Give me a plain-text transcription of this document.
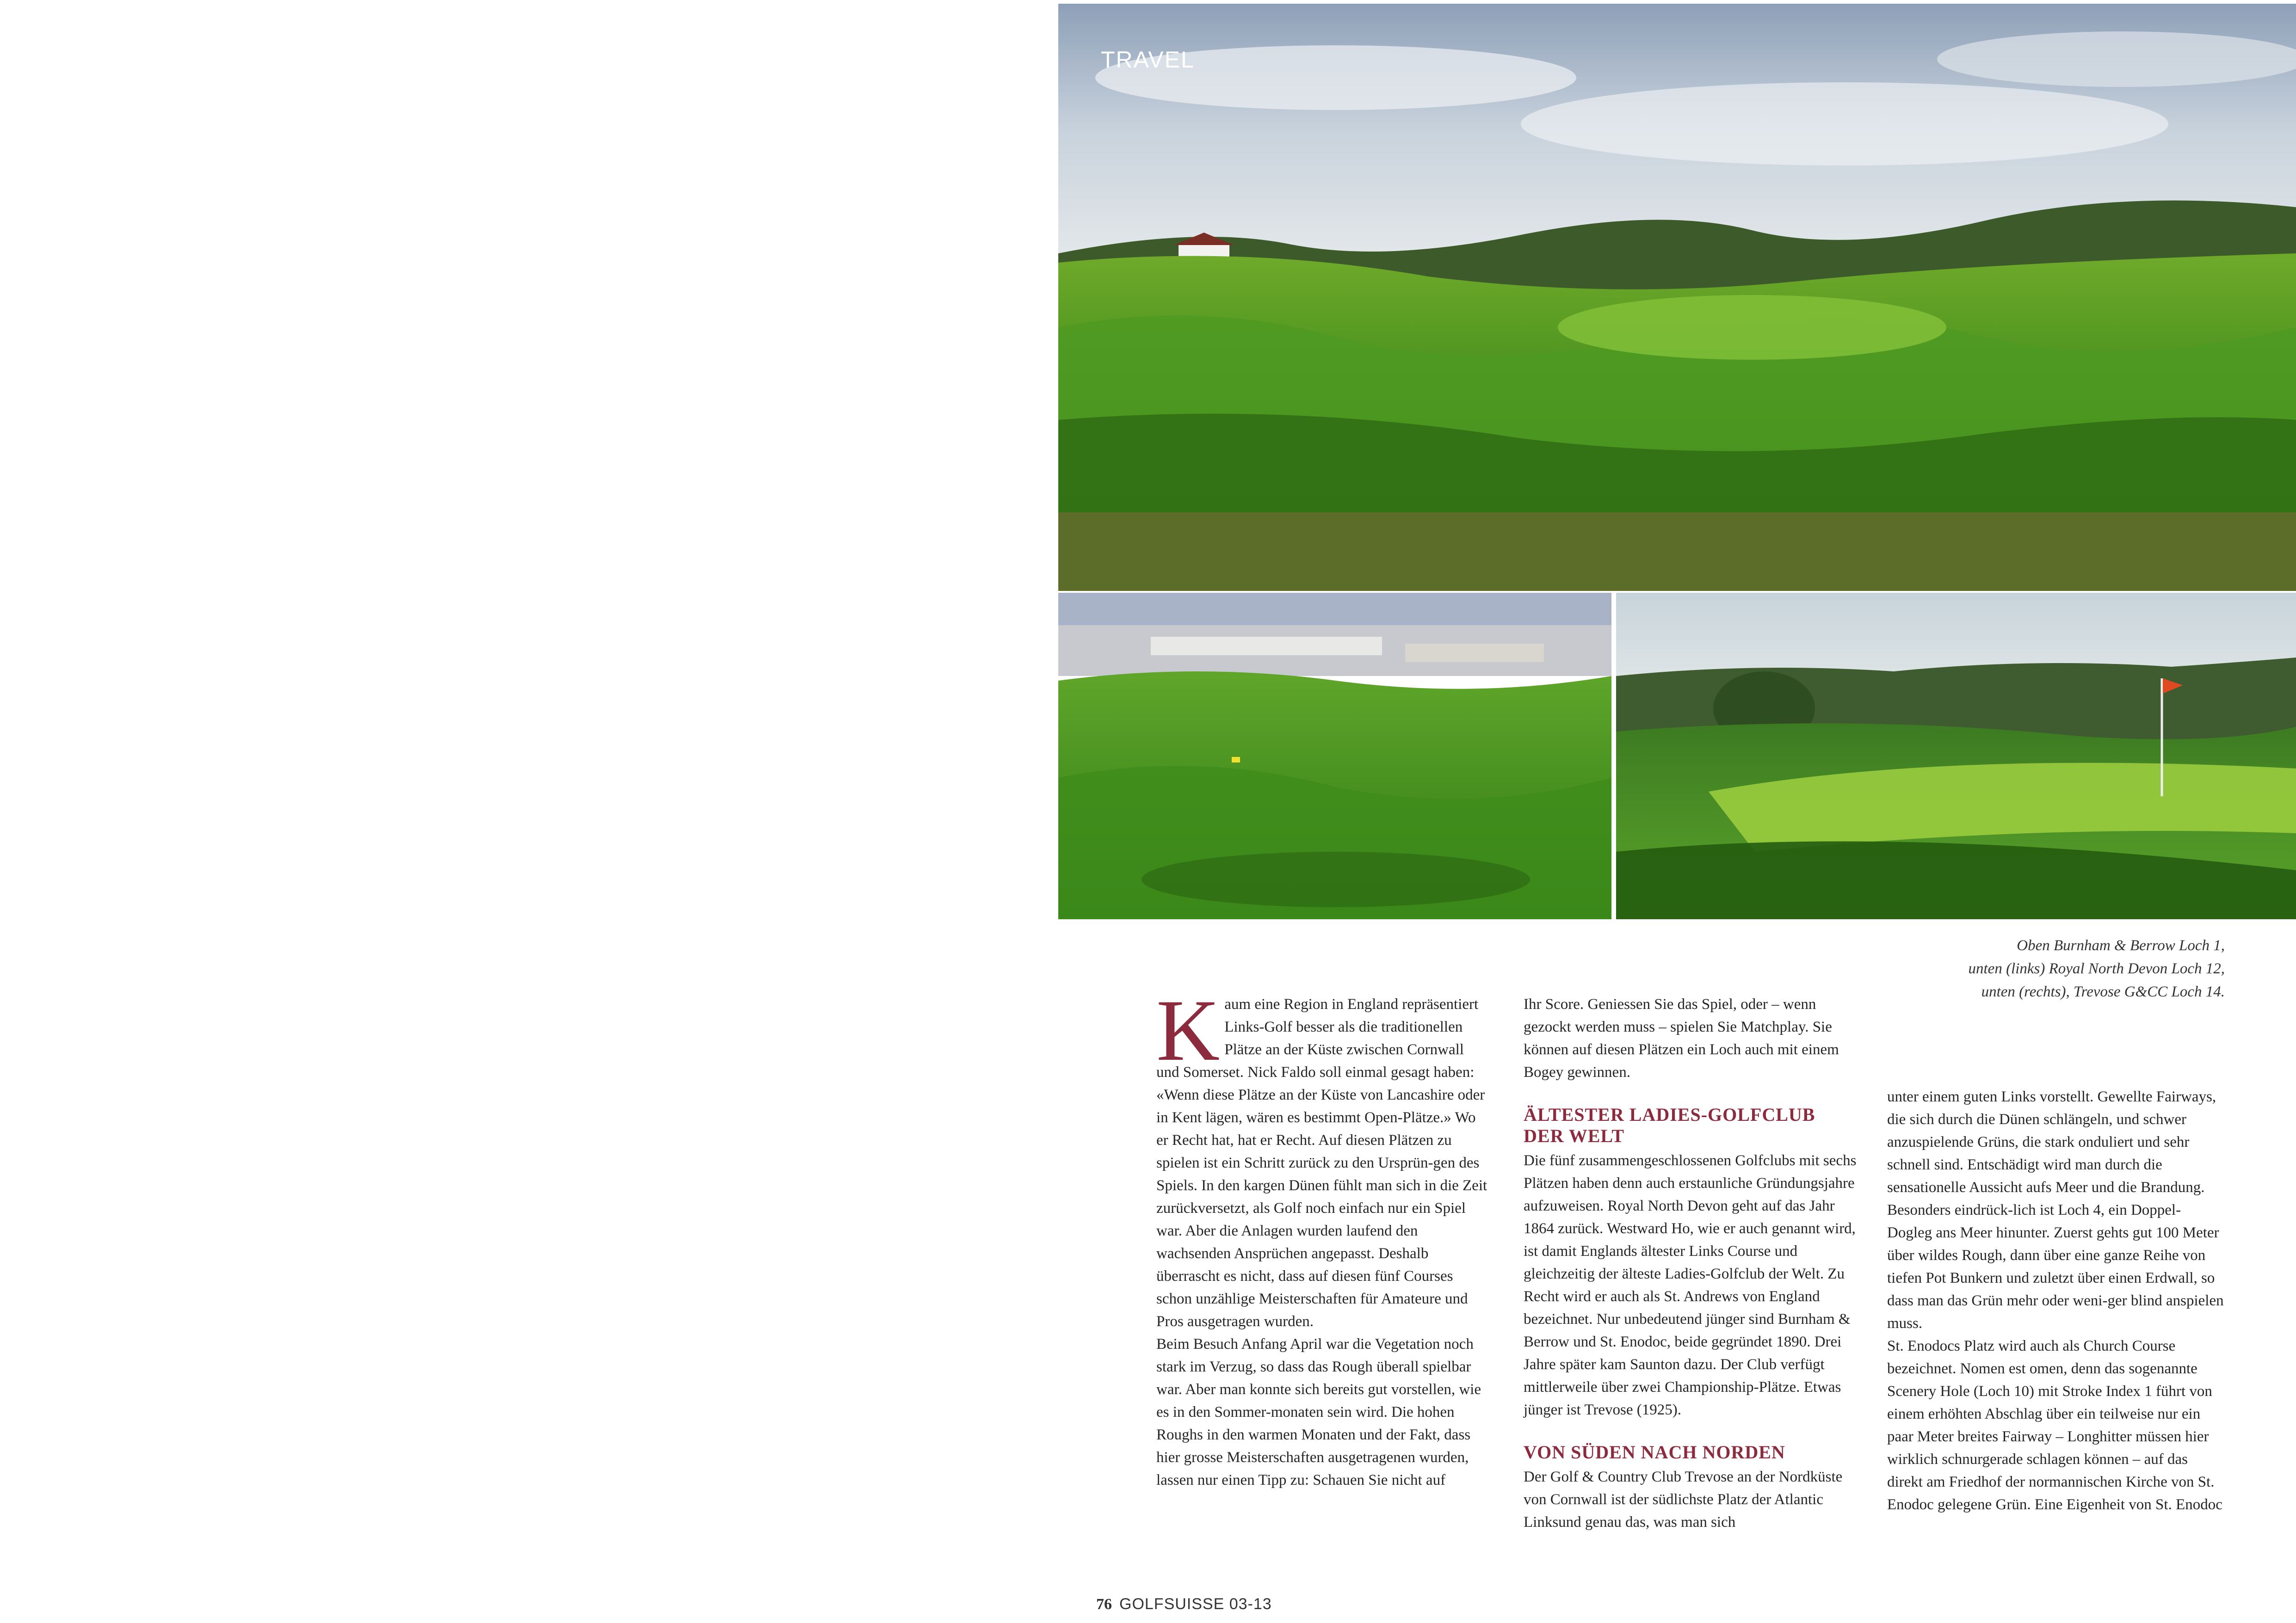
TRAVEL
Oben Burnham & Berrow Loch 1,
unten (links) Royal North Devon Loch 12,
unten (rechts), Trevose G&CC Loch 14.
K aum eine Region in England repräsentiert Links-Golf besser als die traditionellen Plätze an der Küste zwischen Cornwall und Somerset. Nick Faldo soll einmal gesagt haben: «Wenn diese Plätze an der Küste von Lancashire oder in Kent lägen, wären es bestimmt Open-Plätze.» Wo er Recht hat, hat er Recht. Auf diesen Plätzen zu spielen ist ein Schritt zurück zu den Ursprün-gen des Spiels. In den kargen Dünen fühlt man sich in die Zeit zurückversetzt, als Golf noch einfach nur ein Spiel war. Aber die Anlagen wurden laufend den wachsenden Ansprüchen angepasst. Deshalb überrascht es nicht, dass auf diesen fünf Courses schon unzählige Meisterschaften für Amateure und Pros ausgetragen wurden.

Beim Besuch Anfang April war die Vegetation noch stark im Verzug, so dass das Rough überall spielbar war. Aber man konnte sich bereits gut vorstellen, wie es in den Sommer-monaten sein wird. Die hohen Roughs in den warmen Monaten und der Fakt, dass hier grosse Meisterschaften ausgetragenen wurden, lassen nur einen Tipp zu: Schauen Sie nicht auf

Ihr Score. Geniessen Sie das Spiel, oder – wenn gezockt werden muss – spielen Sie Matchplay. Sie können auf diesen Plätzen ein Loch auch mit einem Bogey gewinnen.

ÄLTESTER LADIES-GOLFCLUB DER WELT

Die fünf zusammengeschlossenen Golfclubs mit sechs Plätzen haben denn auch erstaunliche Gründungsjahre aufzuweisen. Royal North Devon geht auf das Jahr 1864 zurück. Westward Ho, wie er auch genannt wird, ist damit Englands ältester Links Course und gleichzeitig der älteste Ladies-Golfclub der Welt. Zu Recht wird er auch als St. Andrews von England bezeichnet. Nur unbedeutend jünger sind Burnham & Berrow und St. Enodoc, beide gegründet 1890. Drei Jahre später kam Saunton dazu. Der Club verfügt mittlerweile über zwei Championship-Plätze. Etwas jünger ist Trevose (1925).

VON SÜDEN NACH NORDEN

Der Golf & Country Club Trevose an der Nordküste von Cornwall ist der südlichste Platz der Atlantic Linksund genau das, was man sich

unter einem guten Links vorstellt. Gewellte Fairways, die sich durch die Dünen schlängeln, und schwer anzuspielende Grüns, die stark onduliert und sehr schnell sind. Entschädigt wird man durch die sensationelle Aussicht aufs Meer und die Brandung. Besonders eindrück-lich ist Loch 4, ein Doppel-Dogleg ans Meer hinunter. Zuerst gehts gut 100 Meter über wildes Rough, dann über eine ganze Reihe von tiefen Pot Bunkern und zuletzt über einen Erdwall, so dass man das Grün mehr oder weni-ger blind anspielen muss.

St. Enodocs Platz wird auch als Church Course bezeichnet. Nomen est omen, denn das sogenannte Scenery Hole (Loch 10) mit Stroke Index 1 führt von einem erhöhten Abschlag über ein teilweise nur ein paar Meter breites Fairway – Longhitter müssen hier wirklich schnurgerade schlagen können – auf das direkt am Friedhof der normannischen Kirche von St. Enodoc gelegene Grün. Eine Eigenheit von St. Enodoc

76 GOLFSUISSE 03-13
